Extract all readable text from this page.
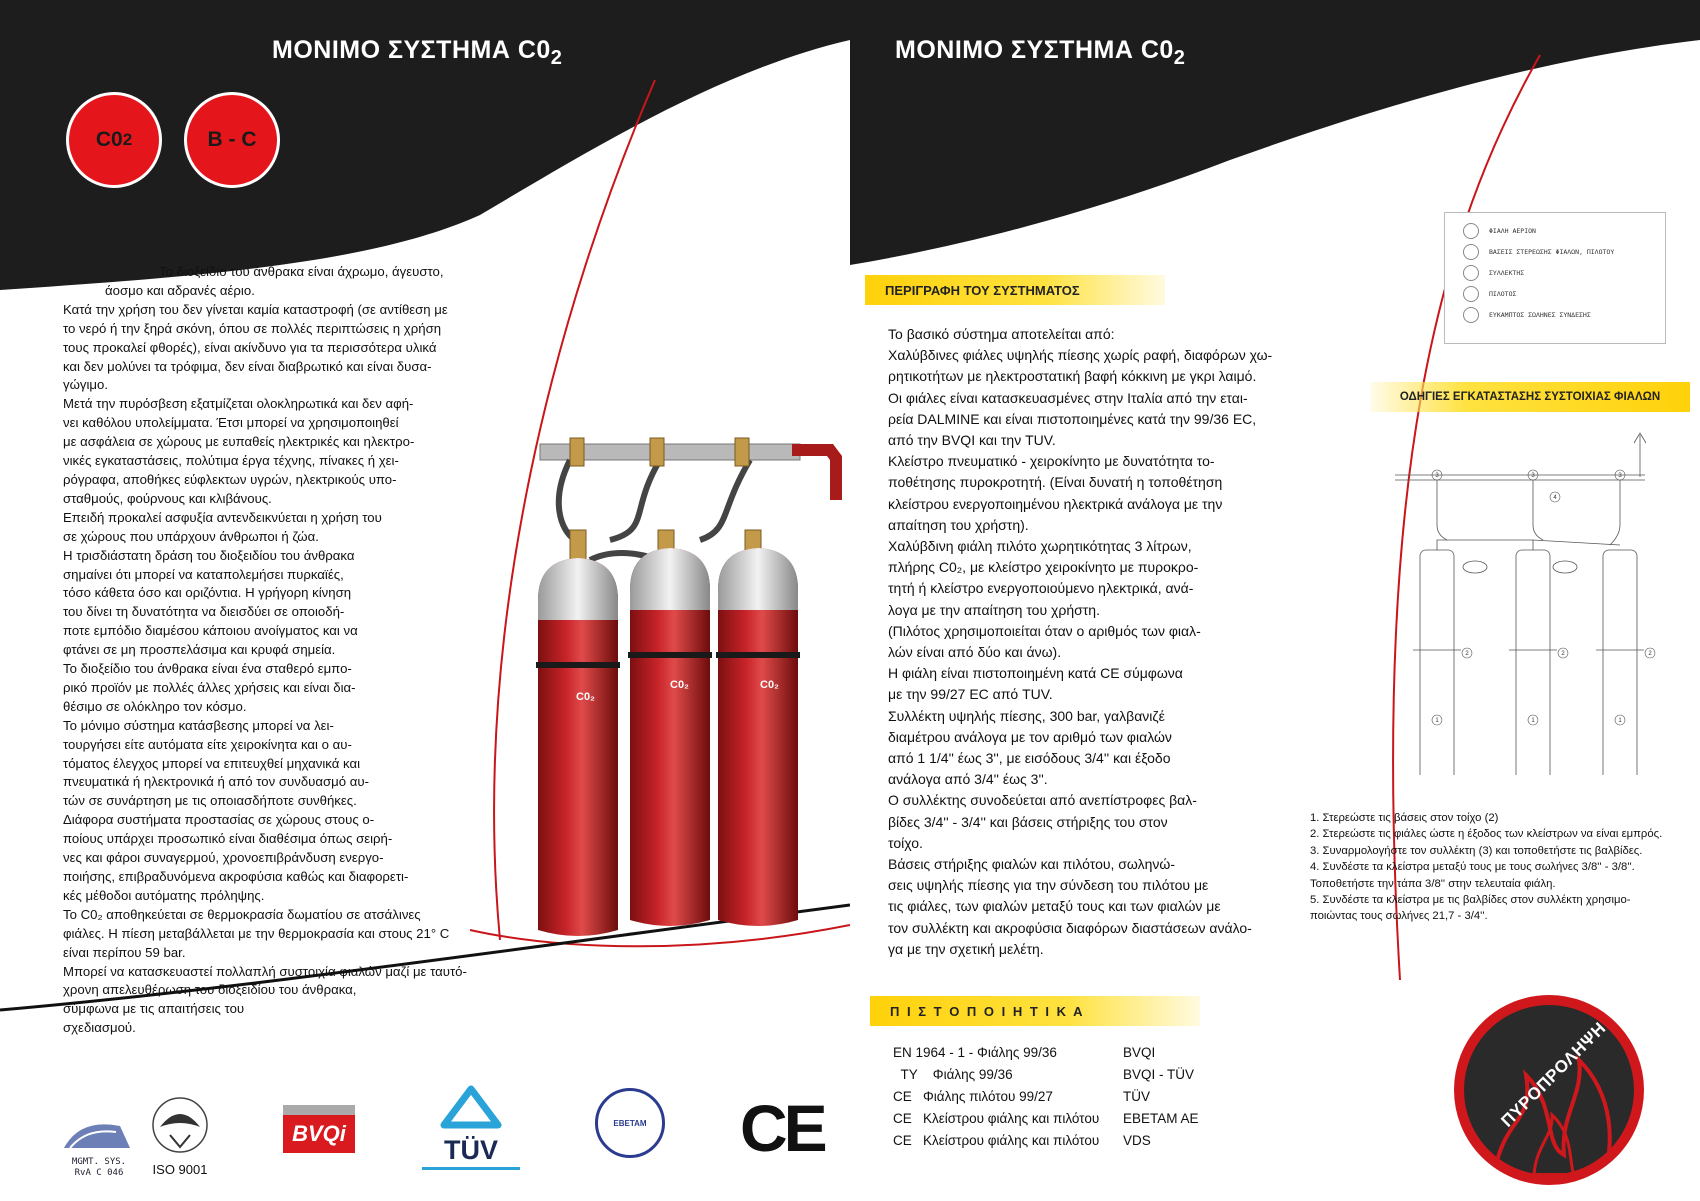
ΜΟΝΙΜΟ ΣΥΣΤΗΜΑ $C0_2$
C0 2	B - C

Το διοξείδιο του άνθρακα είναι άχρωμο, άγευστο,

άοσμο και αδρανές αέριο.

Κατά την χρήση του δεν γίνεται καμία καταστροφή (σε αντίθεση με

το νερό ή την ξηρά σκόνη, όπου σε πολλές περιπτώσεις η χρήση

τους προκαλεί φθορές), είναι ακίνδυνο για τα περισσότερα υλικά

και δεν μολύνει τα τρόφιμα, δεν είναι διαβρωτικό και είναι δυσα-

γώγιμο.

Μετά την πυρόσβεση εξατμίζεται ολοκληρωτικά και δεν αφή-

νει καθόλου υπολείμματα. Έτσι μπορεί να χρησιμοποιηθεί

με ασφάλεια σε χώρους με ευπαθείς ηλεκτρικές και ηλεκτρο-

νικές εγκαταστάσεις, πολύτιμα έργα τέχνης, πίνακες ή χει-

ρόγραφα, αποθήκες εύφλεκτων υγρών, ηλεκτρικούς υπο-

σταθμούς, φούρνους και κλιβάνους.

Επειδή προκαλεί ασφυξία αντενδεικνύεται η χρήση του

σε χώρους που υπάρχουν άνθρωποι ή ζώα.

Η τρισδιάστατη δράση του διοξειδίου του άνθρακα

σημαίνει ότι μπορεί να καταπολεμήσει πυρκαϊές,

τόσο κάθετα όσο και οριζόντια. Η γρήγορη κίνηση

του δίνει τη δυνατότητα να διεισδύει σε οποιοδή-

ποτε εμπόδιο διαμέσου κάποιου ανοίγματος και να

φτάνει σε μη προσπελάσιμα και κρυφά σημεία.

Το διοξείδιο του άνθρακα είναι ένα σταθερό εμπο-

ρικό προϊόν με πολλές άλλες χρήσεις και είναι δια-

θέσιμο σε ολόκληρο τον κόσμο.

Το μόνιμο σύστημα κατάσβεσης μπορεί να λει-

τουργήσει είτε αυτόματα είτε χειροκίνητα και ο αυ-

τόματος έλεγχος μπορεί να επιτευχθεί μηχανικά και

πνευματικά ή ηλεκτρονικά ή από τον συνδυασμό αυ-

τών σε συνάρτηση με τις οποιασδήποτε συνθήκες.

Διάφορα συστήματα προστασίας σε χώρους στους ο-

ποίους υπάρχει προσωπικό είναι διαθέσιμα όπως σειρή-

νες και φάροι συναγερμού, χρονοεπιβράνδυση ενεργο-

ποιήσης, επιβραδυνόμενα ακροφύσια καθώς και διαφορετι-

κές μέθοδοι αυτόματης πρόληψης.

Το C0₂ αποθηκεύεται σε θερμοκρασία δωματίου σε ατσάλινες

φιάλες. Η πίεση μεταβάλλεται με την θερμοκρασία και στους 21° C

είναι περίπου 59 bar.

Μπορεί να κατασκευαστεί πολλαπλή συστοιχία φιαλών μαζί με ταυτό-

χρονη απελευθέρωση του διοξειδίου του άνθρακα,

σύμφωνα με τις απαιτήσεις του

σχεδιασμού.

C0₂
C0₂	C0₂
MGMT. SYS.
RvA C 046	ISO 9001
BVQi
TÜV
ΕΒΕΤΑΜ CE
ΜΟΝΙΜΟ ΣΥΣΤΗΜΑ $C0_2$
ΠΕΡΙΓΡΑΦΗ ΤΟΥ ΣΥΣΤΗΜΑΤΟΣ

Το βασικό σύστημα αποτελείται από:

Χαλύβδινες φιάλες υψηλής πίεσης χωρίς ραφή, διαφόρων χω-

ρητικοτήτων με ηλεκτροστατική βαφή κόκκινη με γκρι λαιμό.

Οι φιάλες είναι κατασκευασμένες στην Ιταλία από την εται-

ρεία DALMINE και είναι πιστοποιημένες κατά την 99/36 EC,

από την BVQI και την TUV.

Κλείστρο πνευματικό - χειροκίνητο με δυνατότητα το-

ποθέτησης πυροκροτητή. (Είναι δυνατή η τοποθέτηση

κλείστρου ενεργοποιημένου ηλεκτρικά ανάλογα με την

απαίτηση του χρήστη).

Χαλύβδινη φιάλη πιλότο χωρητικότητας 3 λίτρων,

πλήρης C0₂, με κλείστρο χειροκίνητο με πυροκρο-

τητή ή κλείστρο ενεργοποιούμενο ηλεκτρικά, ανά-

λογα με την απαίτηση του χρήστη.

(Πιλότος χρησιμοποιείται όταν ο αριθμός των φιαλ-

λών είναι από δύο και άνω).

Η φιάλη είναι πιστοποιημένη κατά CE σύμφωνα

με την 99/27 EC από TUV.

Συλλέκτη υψηλής πίεσης, 300 bar, γαλβανιζέ

διαμέτρου ανάλογα με τον αριθμό των φιαλών

από 1 1/4'' έως 3'', με εισόδους 3/4'' και έξοδο

ανάλογα από 3/4'' έως 3''.

Ο συλλέκτης συνοδεύεται από ανεπίστροφες βαλ-

βίδες 3/4'' - 3/4'' και βάσεις στήριξης του στον

τοίχο.

Βάσεις στήριξης φιαλών και πιλότου, σωληνώ-

σεις υψηλής πίεσης για την σύνδεση του πιλότου με

τις φιάλες, των φιαλών μεταξύ τους και των φιαλών με

τον συλλέκτη και ακροφύσια διαφόρων διαστάσεων ανάλο-

γα με την σχετική μελέτη.

ΦΙΑΛΗ ΑΕΡΙΟΝ
ΒΑΣΕΙΣ ΣΤΕΡΕΩΣΗΣ ΦΙΑΛΩΝ, ΠΙΛΟΤΟΥ
ΣΥΛΛΕΚΤΗΣ
ΠΙΛΟΤΟΣ
ΕΥΚΑΜΠΤΟΣ ΣΩΛΗΝΕΣ ΣΥΝΔΕΣΗΣ
ΟΔΗΓΙΕΣ ΕΓΚΑΤΑΣΤΑΣΗΣ ΣΥΣΤΟΙΧΙΑΣ ΦΙΑΛΩΝ
3	3	3
1	1	1
2	2	2
4

1. Στερεώστε τις βάσεις στον τοίχο (2)

2. Στερεώστε τις φιάλες ώστε η έξοδος των κλείστρων να είναι εμπρός.

3. Συναρμολογήστε τον συλλέκτη (3) και τοποθετήστε τις βαλβίδες.

4. Συνδέστε τα κλείστρα μεταξύ τους με τους σωλήνες 3/8'' - 3/8''.

Τοποθετήστε την τάπα 3/8'' στην τελευταία φιάλη.

5. Συνδέστε τα κλείστρα με τις βαλβίδες στον συλλέκτη χρησιμο-

ποιώντας τους σωλήνες 21,7 - 3/4''.

Π Ι Σ Τ Ο Π Ο Ι Η Τ Ι Κ Α

EN 1964 - 1 - Φιάλης 99/36	BVQI

TΥ Φιάλης 99/36	BVQI - TÜV

CE Φιάλης πιλότου 99/27	TÜV

CE Κλείστρου φιάλης και πιλότου	ΕΒΕΤΑΜ ΑΕ

CE Κλείστρου φιάλης και πιλότου	VDS

ΠΥΡΟΠΡΟΛΗΨΗ
